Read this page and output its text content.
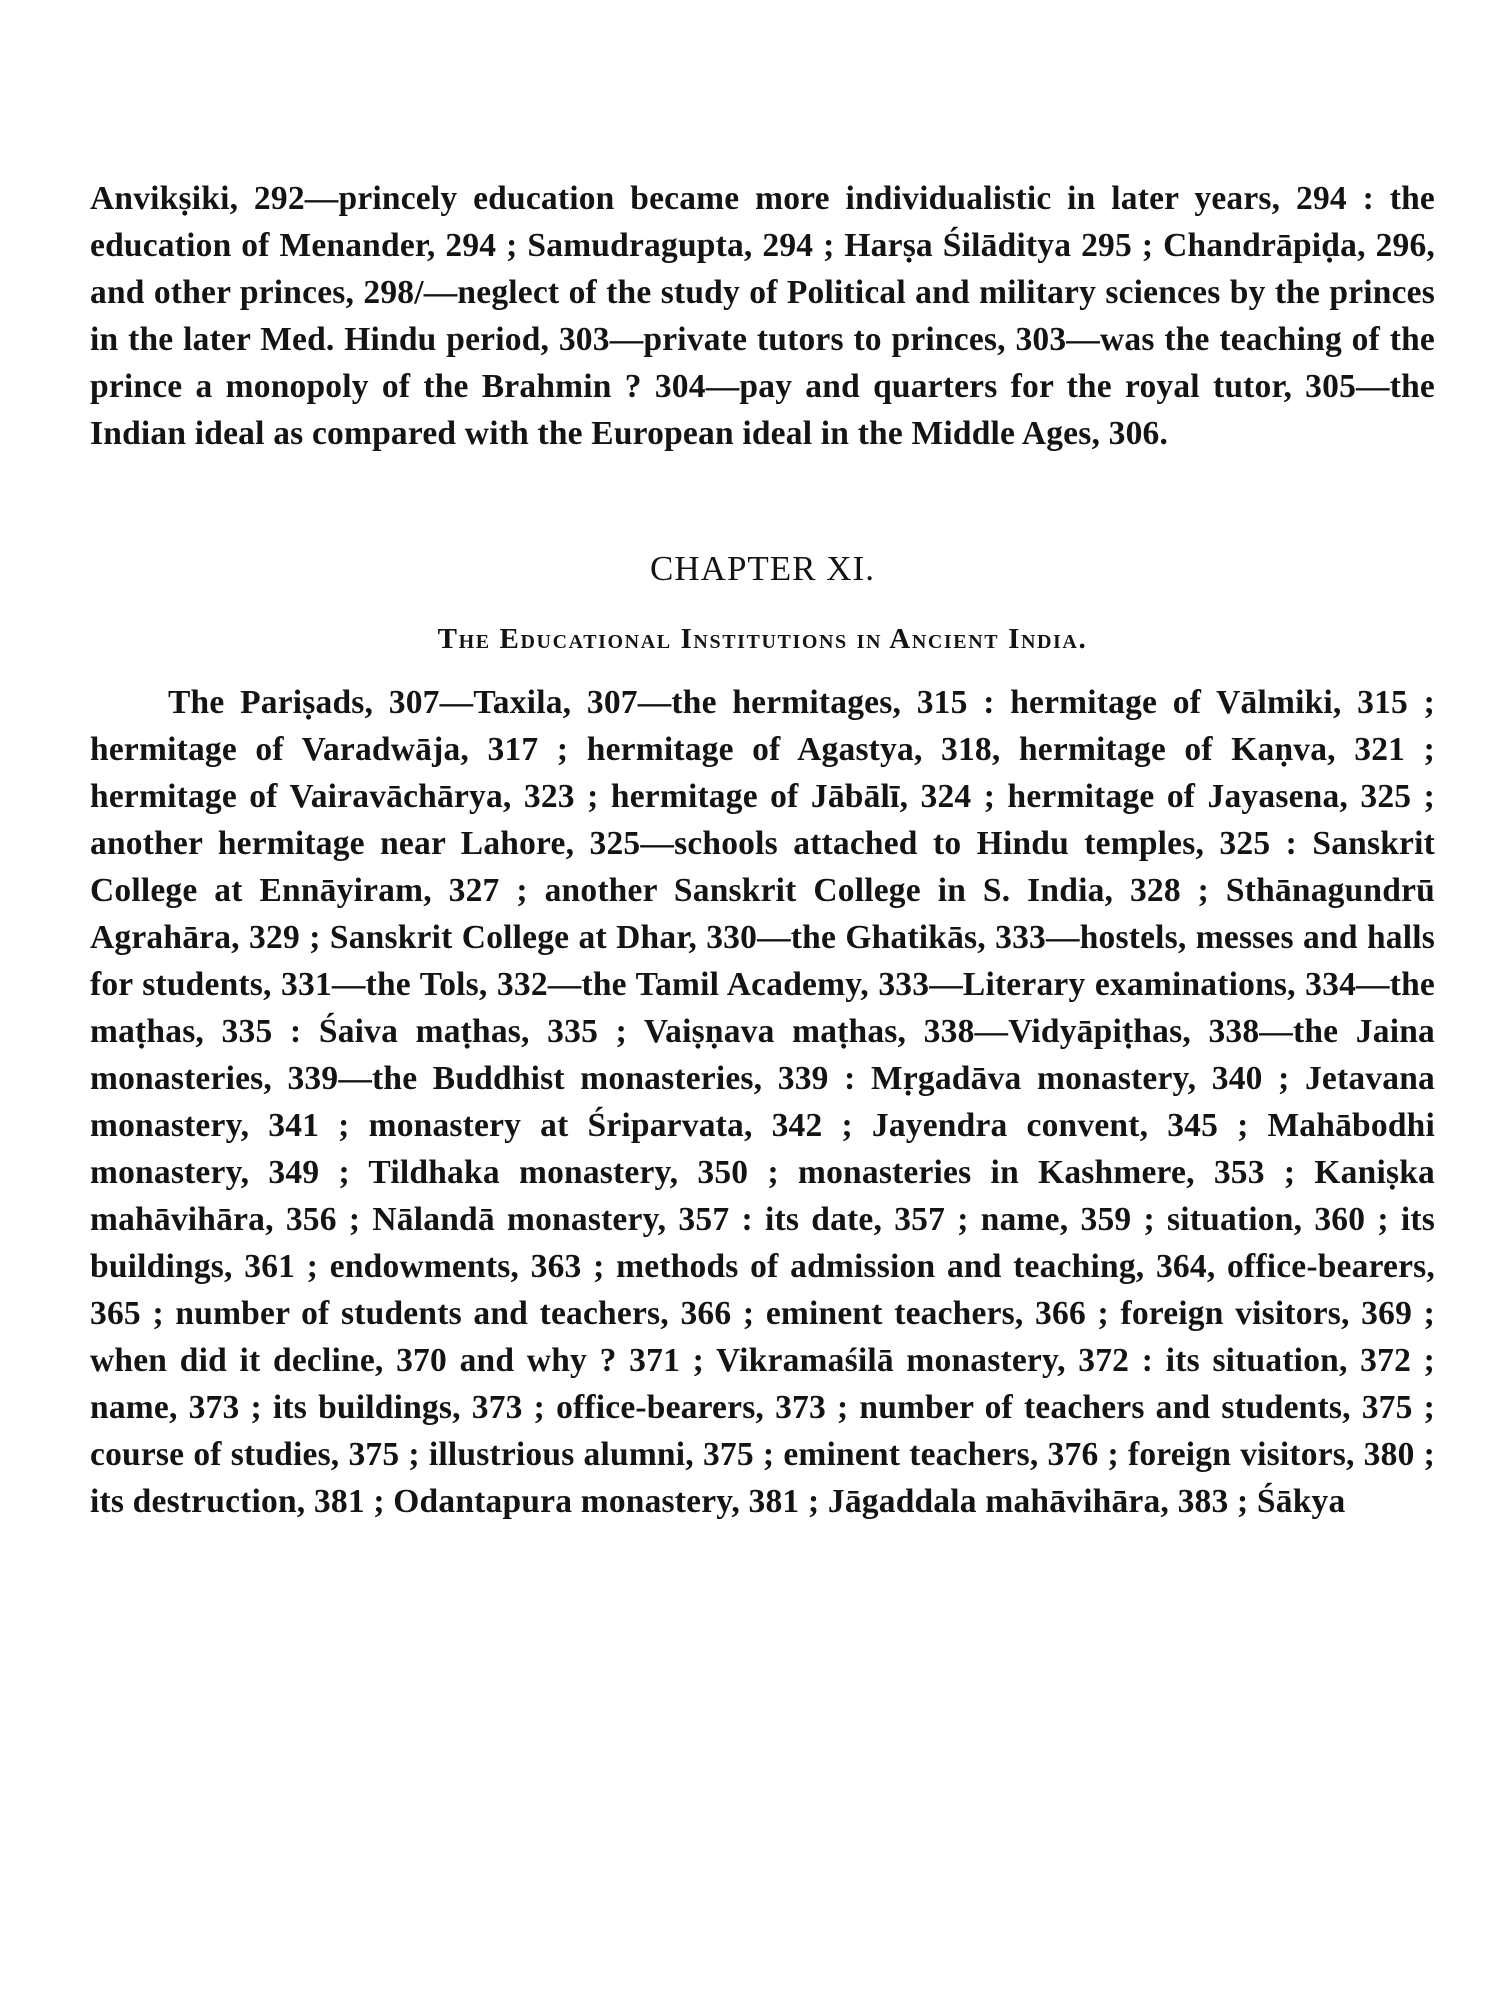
Anvikṣiki, 292—princely education became more individualistic in later years, 294 : the education of Menander, 294 ; Samudragupta, 294 ; Harṣa Śilāditya 295 ; Chandrāpiḍa, 296, and other princes, 298/—neglect of the study of Political and military sciences by the princes in the later Med. Hindu period, 303—private tutors to princes, 303—was the teaching of the prince a monopoly of the Brahmin ? 304—pay and quarters for the royal tutor, 305—the Indian ideal as compared with the European ideal in the Middle Ages, 306.

CHAPTER XI.
The Educational Institutions in Ancient India.

The Pariṣads, 307—Taxila, 307—the hermitages, 315 : hermitage of Vālmiki, 315 ; hermitage of Varadwāja, 317 ; hermitage of Agastya, 318, hermitage of Kaṇva, 321 ; hermitage of Vairavāchārya, 323 ; hermitage of Jābālī, 324 ; hermitage of Jayasena, 325 ; another hermitage near Lahore, 325—schools attached to Hindu temples, 325 : Sanskrit College at Ennāyiram, 327 ; another Sanskrit College in S. India, 328 ; Sthānagundrū Agrahāra, 329 ; Sanskrit College at Dhar, 330—the Ghatikās, 333—hostels, messes and halls for students, 331—the Tols, 332—the Tamil Academy, 333—Literary examinations, 334—the maṭhas, 335 : Śaiva maṭhas, 335 ; Vaiṣṇava maṭhas, 338—Vidyāpiṭhas, 338—the Jaina monasteries, 339—the Buddhist monasteries, 339 : Mṛgadāva monastery, 340 ; Jetavana monastery, 341 ; monastery at Śriparvata, 342 ; Jayendra convent, 345 ; Mahābodhi monastery, 349 ; Tildhaka monastery, 350 ; monasteries in Kashmere, 353 ; Kaniṣka mahāvihāra, 356 ; Nālandā monastery, 357 : its date, 357 ; name, 359 ; situation, 360 ; its buildings, 361 ; endowments, 363 ; methods of admission and teaching, 364, office-bearers, 365 ; number of students and teachers, 366 ; eminent teachers, 366 ; foreign visitors, 369 ; when did it decline, 370 and why ? 371 ; Vikramaśilā monastery, 372 : its situation, 372 ; name, 373 ; its buildings, 373 ; office-bearers, 373 ; number of teachers and students, 375 ; course of studies, 375 ; illustrious alumni, 375 ; eminent teachers, 376 ; foreign visitors, 380 ; its destruction, 381 ; Odantapura monastery, 381 ; Jāgaddala mahāvihāra, 383 ; Śākya
